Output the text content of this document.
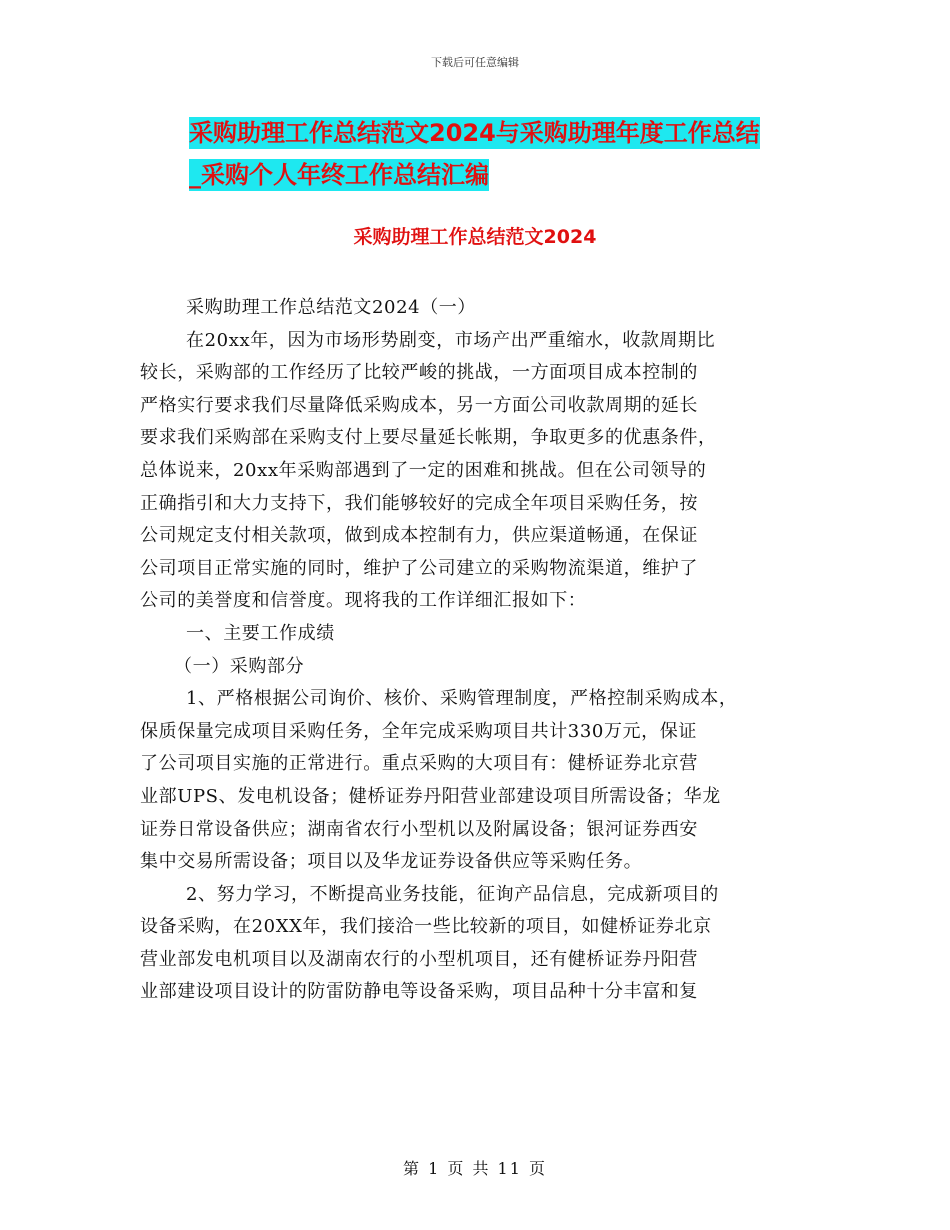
下载后可任意编辑
采购助理工作总结范文2024与采购助理年度工作总结
_采购个人年终工作总结汇编
采购助理工作总结范文2024
采购助理工作总结范文2024（一）
在20xx年，因为市场形势剧变，市场产出严重缩水，收款周期比
较长，采购部的工作经历了比较严峻的挑战，一方面项目成本控制的
严格实行要求我们尽量降低采购成本，另一方面公司收款周期的延长
要求我们采购部在采购支付上要尽量延长帐期，争取更多的优惠条件，
总体说来，20xx年采购部遇到了一定的困难和挑战。但在公司领导的
正确指引和大力支持下，我们能够较好的完成全年项目采购任务，按
公司规定支付相关款项，做到成本控制有力，供应渠道畅通，在保证
公司项目正常实施的同时，维护了公司建立的采购物流渠道，维护了
公司的美誉度和信誉度。现将我的工作详细汇报如下：
一、主要工作成绩
（一）采购部分
1、严格根据公司询价、核价、采购管理制度，严格控制采购成本，
保质保量完成项目采购任务，全年完成采购项目共计330万元，保证
了公司项目实施的正常进行。重点采购的大项目有：健桥证券北京营
业部UPS、发电机设备；健桥证券丹阳营业部建设项目所需设备；华龙
证券日常设备供应；湖南省农行小型机以及附属设备；银河证券西安
集中交易所需设备；项目以及华龙证券设备供应等采购任务。
2、努力学习，不断提高业务技能，征询产品信息，完成新项目的
设备采购，在20XX年，我们接洽一些比较新的项目，如健桥证券北京
营业部发电机项目以及湖南农行的小型机项目，还有健桥证券丹阳营
业部建设项目设计的防雷防静电等设备采购，项目品种十分丰富和复
第 1 页 共 11 页
